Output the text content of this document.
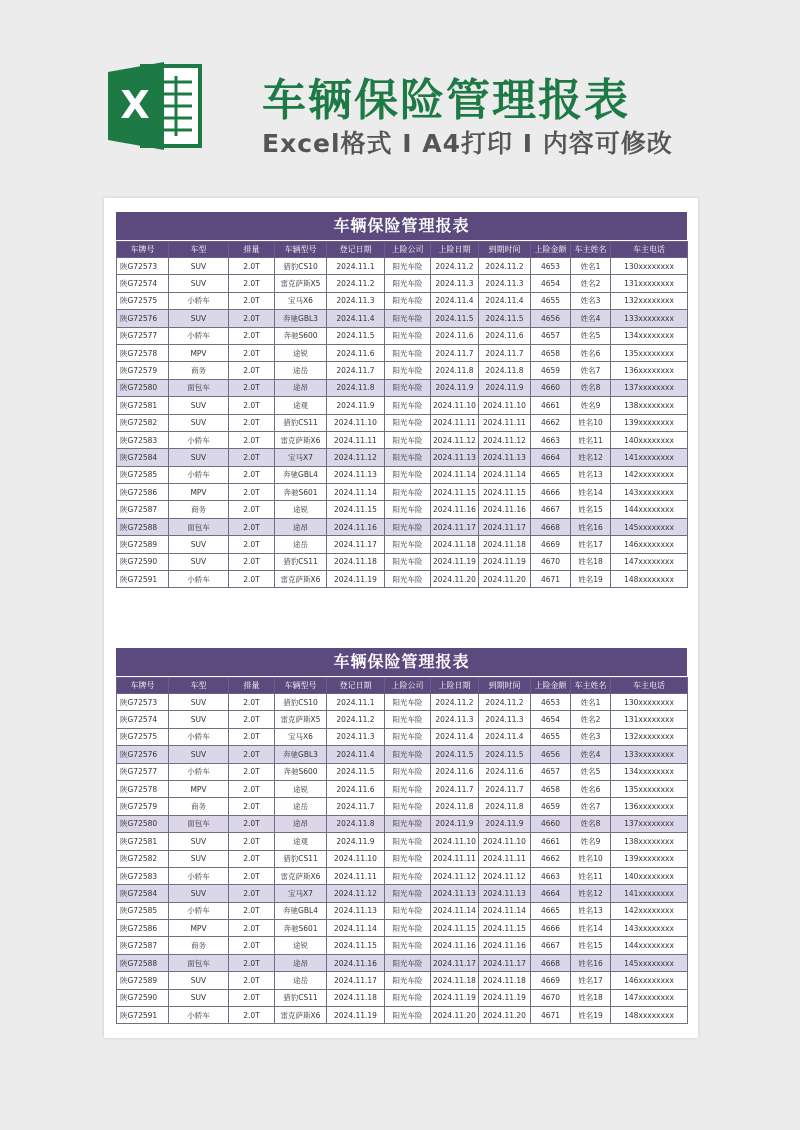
X	车辆保险管理报表
Excel格式 I A4打印 I 内容可修改
车辆保险管理报表
车牌号	车型	排量	车辆型号	登记日期	上险公司	上险日期	到期时间	上险金额	车主姓名	车主电话
陕G72573	SUV	2.0T	猎豹CS10	2024.11.1	阳光车险	2024.11.2	2024.11.2	4653	姓名1	130xxxxxxxx
陕G72574	SUV	2.0T	雷克萨斯X5	2024.11.2	阳光车险	2024.11.3	2024.11.3	4654	姓名2	131xxxxxxxx
陕G72575	小轿车	2.0T	宝马X6	2024.11.3	阳光车险	2024.11.4	2024.11.4	4655	姓名3	132xxxxxxxx
陕G72576	SUV	2.0T	奔驰GBL3	2024.11.4	阳光车险	2024.11.5	2024.11.5	4656	姓名4	133xxxxxxxx
陕G72577	小轿车	2.0T	奔驰S600	2024.11.5	阳光车险	2024.11.6	2024.11.6	4657	姓名5	134xxxxxxxx
陕G72578	MPV	2.0T	途锐	2024.11.6	阳光车险	2024.11.7	2024.11.7	4658	姓名6	135xxxxxxxx
陕G72579	商务	2.0T	途岳	2024.11.7	阳光车险	2024.11.8	2024.11.8	4659	姓名7	136xxxxxxxx
陕G72580	面包车	2.0T	途昂	2024.11.8	阳光车险	2024.11.9	2024.11.9	4660	姓名8	137xxxxxxxx
陕G72581	SUV	2.0T	途观	2024.11.9	阳光车险	2024.11.10	2024.11.10	4661	姓名9	138xxxxxxxx
陕G72582	SUV	2.0T	猎豹CS11	2024.11.10	阳光车险	2024.11.11	2024.11.11	4662	姓名10	139xxxxxxxx
陕G72583	小轿车	2.0T	雷克萨斯X6	2024.11.11	阳光车险	2024.11.12	2024.11.12	4663	姓名11	140xxxxxxxx
陕G72584	SUV	2.0T	宝马X7	2024.11.12	阳光车险	2024.11.13	2024.11.13	4664	姓名12	141xxxxxxxx
陕G72585	小轿车	2.0T	奔驰GBL4	2024.11.13	阳光车险	2024.11.14	2024.11.14	4665	姓名13	142xxxxxxxx
陕G72586	MPV	2.0T	奔驰S601	2024.11.14	阳光车险	2024.11.15	2024.11.15	4666	姓名14	143xxxxxxxx
陕G72587	商务	2.0T	途锐	2024.11.15	阳光车险	2024.11.16	2024.11.16	4667	姓名15	144xxxxxxxx
陕G72588	面包车	2.0T	途昂	2024.11.16	阳光车险	2024.11.17	2024.11.17	4668	姓名16	145xxxxxxxx
陕G72589	SUV	2.0T	途岳	2024.11.17	阳光车险	2024.11.18	2024.11.18	4669	姓名17	146xxxxxxxx
陕G72590	SUV	2.0T	猎豹CS11	2024.11.18	阳光车险	2024.11.19	2024.11.19	4670	姓名18	147xxxxxxxx
陕G72591	小轿车	2.0T	雷克萨斯X6	2024.11.19	阳光车险	2024.11.20	2024.11.20	4671	姓名19	148xxxxxxxx
车辆保险管理报表
车牌号	车型	排量	车辆型号	登记日期	上险公司	上险日期	到期时间	上险金额	车主姓名	车主电话
陕G72573	SUV	2.0T	猎豹CS10	2024.11.1	阳光车险	2024.11.2	2024.11.2	4653	姓名1	130xxxxxxxx
陕G72574	SUV	2.0T	雷克萨斯X5	2024.11.2	阳光车险	2024.11.3	2024.11.3	4654	姓名2	131xxxxxxxx
陕G72575	小轿车	2.0T	宝马X6	2024.11.3	阳光车险	2024.11.4	2024.11.4	4655	姓名3	132xxxxxxxx
陕G72576	SUV	2.0T	奔驰GBL3	2024.11.4	阳光车险	2024.11.5	2024.11.5	4656	姓名4	133xxxxxxxx
陕G72577	小轿车	2.0T	奔驰S600	2024.11.5	阳光车险	2024.11.6	2024.11.6	4657	姓名5	134xxxxxxxx
陕G72578	MPV	2.0T	途锐	2024.11.6	阳光车险	2024.11.7	2024.11.7	4658	姓名6	135xxxxxxxx
陕G72579	商务	2.0T	途岳	2024.11.7	阳光车险	2024.11.8	2024.11.8	4659	姓名7	136xxxxxxxx
陕G72580	面包车	2.0T	途昂	2024.11.8	阳光车险	2024.11.9	2024.11.9	4660	姓名8	137xxxxxxxx
陕G72581	SUV	2.0T	途观	2024.11.9	阳光车险	2024.11.10	2024.11.10	4661	姓名9	138xxxxxxxx
陕G72582	SUV	2.0T	猎豹CS11	2024.11.10	阳光车险	2024.11.11	2024.11.11	4662	姓名10	139xxxxxxxx
陕G72583	小轿车	2.0T	雷克萨斯X6	2024.11.11	阳光车险	2024.11.12	2024.11.12	4663	姓名11	140xxxxxxxx
陕G72584	SUV	2.0T	宝马X7	2024.11.12	阳光车险	2024.11.13	2024.11.13	4664	姓名12	141xxxxxxxx
陕G72585	小轿车	2.0T	奔驰GBL4	2024.11.13	阳光车险	2024.11.14	2024.11.14	4665	姓名13	142xxxxxxxx
陕G72586	MPV	2.0T	奔驰S601	2024.11.14	阳光车险	2024.11.15	2024.11.15	4666	姓名14	143xxxxxxxx
陕G72587	商务	2.0T	途锐	2024.11.15	阳光车险	2024.11.16	2024.11.16	4667	姓名15	144xxxxxxxx
陕G72588	面包车	2.0T	途昂	2024.11.16	阳光车险	2024.11.17	2024.11.17	4668	姓名16	145xxxxxxxx
陕G72589	SUV	2.0T	途岳	2024.11.17	阳光车险	2024.11.18	2024.11.18	4669	姓名17	146xxxxxxxx
陕G72590	SUV	2.0T	猎豹CS11	2024.11.18	阳光车险	2024.11.19	2024.11.19	4670	姓名18	147xxxxxxxx
陕G72591	小轿车	2.0T	雷克萨斯X6	2024.11.19	阳光车险	2024.11.20	2024.11.20	4671	姓名19	148xxxxxxxx
